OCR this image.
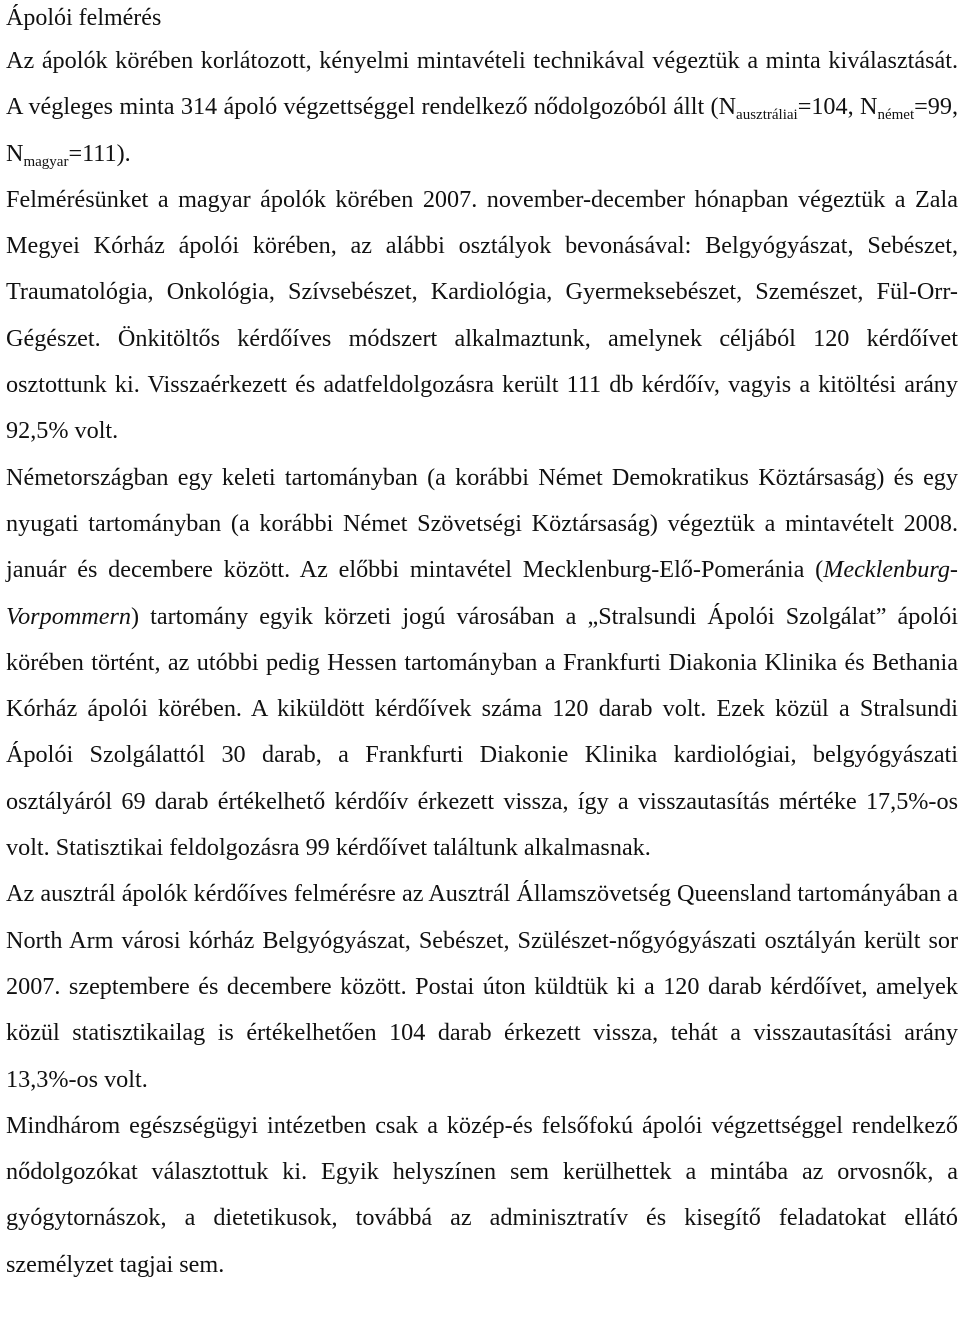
Ápolói felmérés

Az ápolók körében korlátozott, kényelmi mintavételi technikával végeztük a minta kiválasztását. A végleges minta 314 ápoló végzettséggel rendelkező nődolgozóból állt ($N_{ausztráliai}=104$, $N_{német}=99$, $N_{magyar}=111$).

Felmérésünket a magyar ápolók körében 2007. november-december hónapban végeztük a Zala Megyei Kórház ápolói körében, az alábbi osztályok bevonásával: Belgyógyászat, Sebészet, Traumatológia, Onkológia, Szívsebészet, Kardiológia, Gyermeksebészet, Szemészet, Fül-Orr-Gégészet. Önkitöltős kérdőíves módszert alkalmaztunk, amelynek céljából 120 kérdőívet osztottunk ki. Visszaérkezett és adatfeldolgozásra került 111 db kérdőív, vagyis a kitöltési arány 92,5% volt.

Németországban egy keleti tartományban (a korábbi Német Demokratikus Köztársaság) és egy nyugati tartományban (a korábbi Német Szövetségi Köztársaság) végeztük a mintavételt 2008. január és decembere között. Az előbbi mintavétel Mecklenburg-Elő-Pomeránia (Mecklenburg-Vorpommern) tartomány egyik körzeti jogú városában a „Stralsundi Ápolói Szolgálat” ápolói körében történt, az utóbbi pedig Hessen tartományban a Frankfurti Diakonia Klinika és Bethania Kórház ápolói körében. A kiküldött kérdőívek száma 120 darab volt. Ezek közül a Stralsundi Ápolói Szolgálattól 30 darab, a Frankfurti Diakonie Klinika kardiológiai, belgyógyászati osztályáról 69 darab értékelhető kérdőív érkezett vissza, így a visszautasítás mértéke 17,5%-os volt. Statisztikai feldolgozásra 99 kérdőívet találtunk alkalmasnak.

Az ausztrál ápolók kérdőíves felmérésre az Ausztrál Államszövetség Queensland tartományában a North Arm városi kórház Belgyógyászat, Sebészet, Szülészet-nőgyógyászati osztályán került sor 2007. szeptembere és decembere között. Postai úton küldtük ki a 120 darab kérdőívet, amelyek közül statisztikailag is értékelhetően 104 darab érkezett vissza, tehát a visszautasítási arány 13,3%-os volt.

Mindhárom egészségügyi intézetben csak a közép-és felsőfokú ápolói végzettséggel rendelkező nődolgozókat választottuk ki. Egyik helyszínen sem kerülhettek a mintába az orvosnők, a gyógytornászok, a dietetikusok, továbbá az adminisztratív és kisegítő feladatokat ellátó személyzet tagjai sem.
